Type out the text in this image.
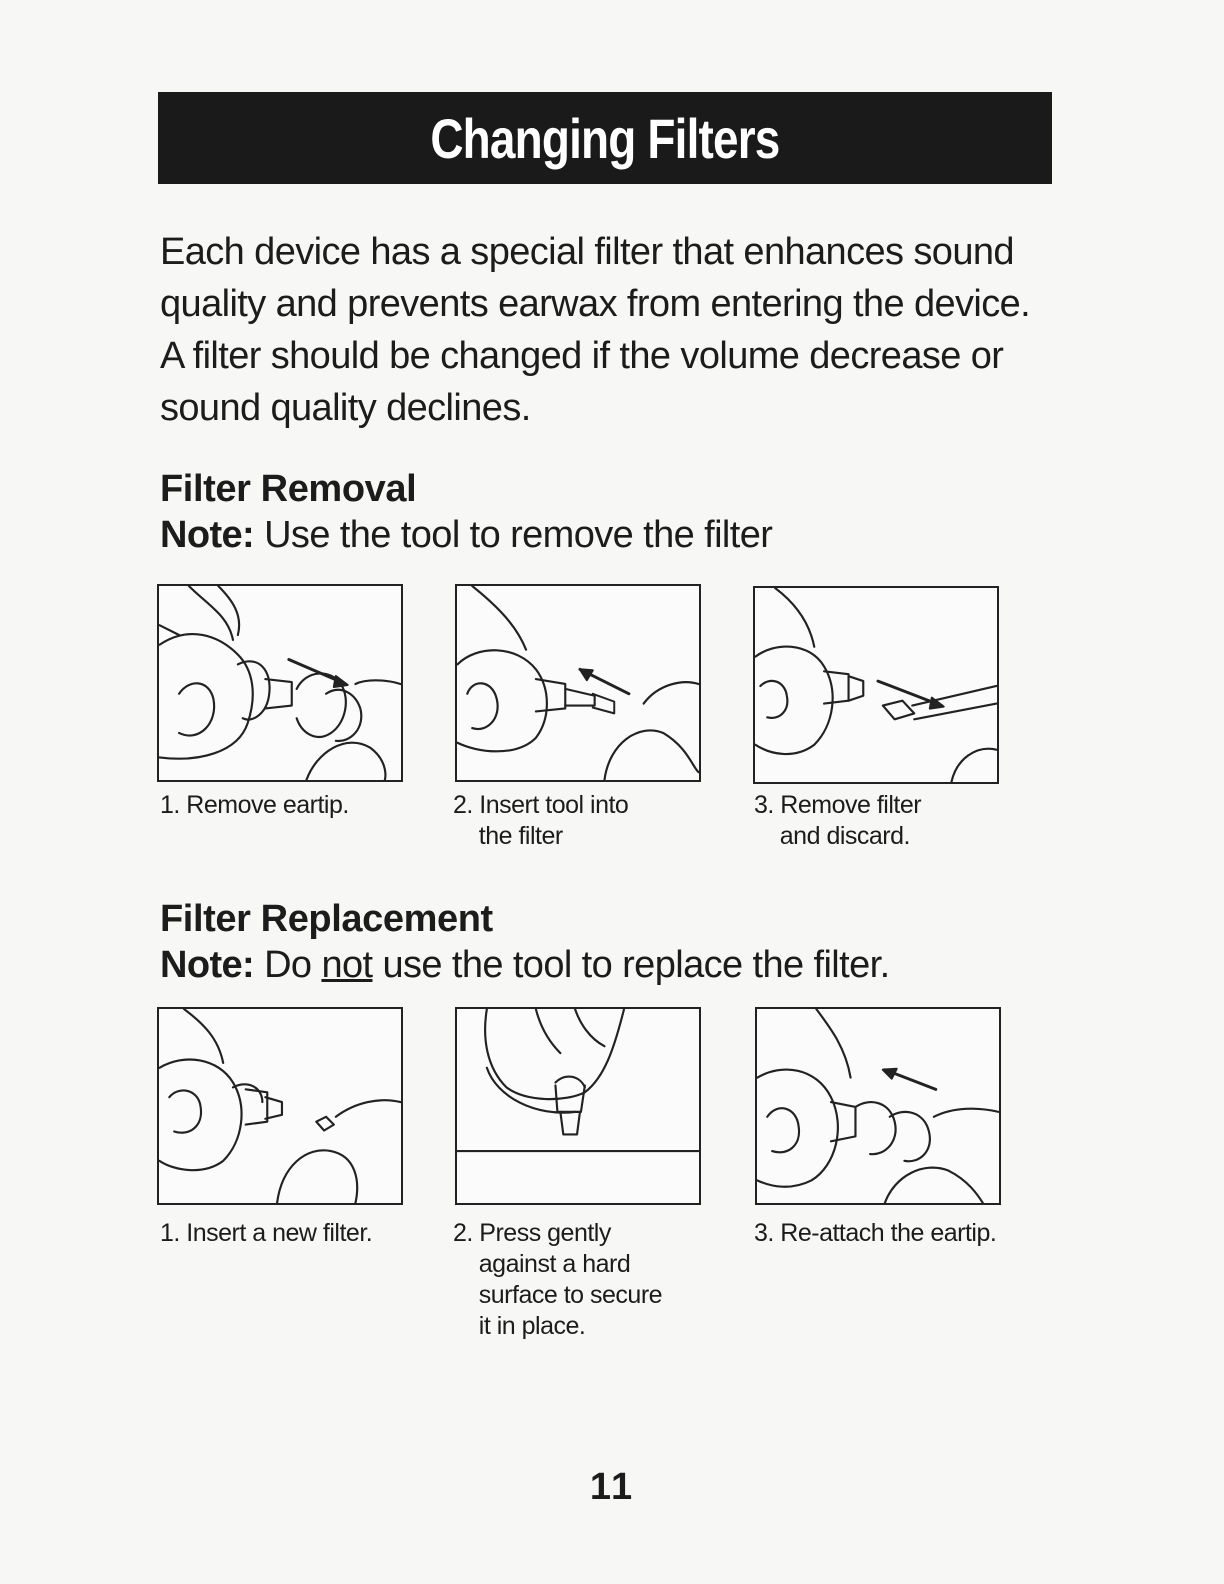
Changing Filters

Each device has a special filter that enhances sound quality and prevents earwax from entering the device. A filter should be changed if the volume decrease or sound quality declines.

Filter Removal

Note: Use the tool to remove the filter

1. Remove eartip.	2. Insert tool into
the filter

3. Remove filter
and discard.

Filter Replacement

Note: Do not use the tool to replace the filter.

1. Insert a new filter.	2. Press gently
against a hard
surface to secure
it in place.

3. Re-attach the eartip.

11
